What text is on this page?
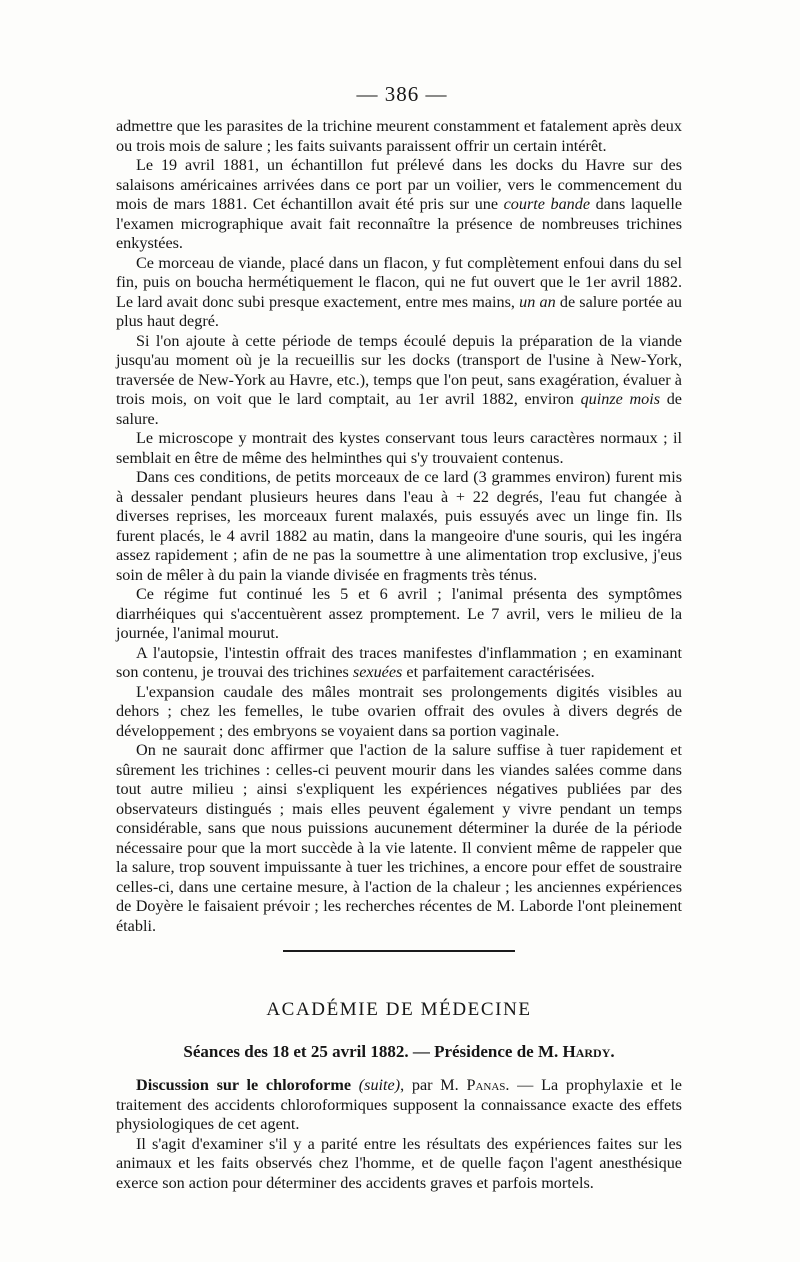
— 386 —

admettre que les parasites de la trichine meurent constamment et fatalement après deux ou trois mois de salure ; les faits suivants paraissent offrir un certain intérêt.

Le 19 avril 1881, un échantillon fut prélevé dans les docks du Havre sur des salaisons américaines arrivées dans ce port par un voilier, vers le commencement du mois de mars 1881. Cet échantillon avait été pris sur une courte bande dans laquelle l'examen micrographique avait fait reconnaître la présence de nombreuses trichines enkystées.

Ce morceau de viande, placé dans un flacon, y fut complètement enfoui dans du sel fin, puis on boucha hermétiquement le flacon, qui ne fut ouvert que le 1er avril 1882. Le lard avait donc subi presque exactement, entre mes mains, un an de salure portée au plus haut degré.

Si l'on ajoute à cette période de temps écoulé depuis la préparation de la viande jusqu'au moment où je la recueillis sur les docks (transport de l'usine à New-York, traversée de New-York au Havre, etc.), temps que l'on peut, sans exagération, évaluer à trois mois, on voit que le lard comptait, au 1er avril 1882, environ quinze mois de salure.

Le microscope y montrait des kystes conservant tous leurs caractères normaux ; il semblait en être de même des helminthes qui s'y trouvaient contenus.

Dans ces conditions, de petits morceaux de ce lard (3 grammes environ) furent mis à dessaler pendant plusieurs heures dans l'eau à + 22 degrés, l'eau fut changée à diverses reprises, les morceaux furent malaxés, puis essuyés avec un linge fin. Ils furent placés, le 4 avril 1882 au matin, dans la mangeoire d'une souris, qui les ingéra assez rapidement ; afin de ne pas la soumettre à une alimentation trop exclusive, j'eus soin de mêler à du pain la viande divisée en fragments très ténus.

Ce régime fut continué les 5 et 6 avril ; l'animal présenta des symptômes diarrhéiques qui s'accentuèrent assez promptement. Le 7 avril, vers le milieu de la journée, l'animal mourut.

A l'autopsie, l'intestin offrait des traces manifestes d'inflammation ; en examinant son contenu, je trouvai des trichines sexuées et parfaitement caractérisées.

L'expansion caudale des mâles montrait ses prolongements digités visibles au dehors ; chez les femelles, le tube ovarien offrait des ovules à divers degrés de développement ; des embryons se voyaient dans sa portion vaginale.

On ne saurait donc affirmer que l'action de la salure suffise à tuer rapidement et sûrement les trichines : celles-ci peuvent mourir dans les viandes salées comme dans tout autre milieu ; ainsi s'expliquent les expériences négatives publiées par des observateurs distingués ; mais elles peuvent également y vivre pendant un temps considérable, sans que nous puissions aucunement déterminer la durée de la période nécessaire pour que la mort succède à la vie latente. Il convient même de rappeler que la salure, trop souvent impuissante à tuer les trichines, a encore pour effet de soustraire celles-ci, dans une certaine mesure, à l'action de la chaleur ; les anciennes expériences de Doyère le faisaient prévoir ; les recherches récentes de M. Laborde l'ont pleinement établi.

ACADÉMIE DE MÉDECINE
Séances des 18 et 25 avril 1882. — Présidence de M. Hardy.

Discussion sur le chloroforme (suite), par M. Panas. — La prophylaxie et le traitement des accidents chloroformiques supposent la connaissance exacte des effets physiologiques de cet agent.

Il s'agit d'examiner s'il y a parité entre les résultats des expériences faites sur les animaux et les faits observés chez l'homme, et de quelle façon l'agent anesthésique exerce son action pour déterminer des accidents graves et parfois mortels.
